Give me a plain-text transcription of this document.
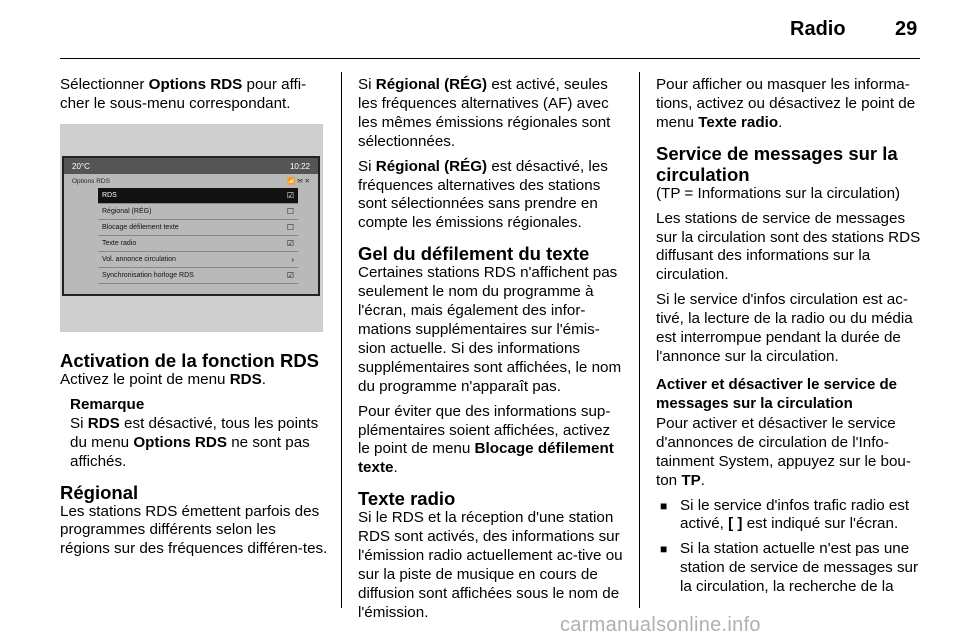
Radio 29

Sélectionner Options RDS pour affi-cher le sous-menu correspondant.

20°C	10:22
Options RDS	📶 ✉ ✕
RDS	☑
Régional (RÉG)	☐
Blocage défilement texte	☐
Texte radio	☑
Vol. annonce circulation	›
Synchronisation horloge RDS	☑
Activation de la fonction RDS

Activez le point de menu RDS.

Remarque

Si RDS est désactivé, tous les points du menu Options RDS ne sont pas affichés.

Régional

Les stations RDS émettent parfois des programmes différents selon les régions sur des fréquences différen-tes.

Si Régional (RÉG) est activé, seules les fréquences alternatives (AF) avec les mêmes émissions régionales sont sélectionnées.

Si Régional (RÉG) est désactivé, les fréquences alternatives des stations sont sélectionnées sans prendre en compte les émissions régionales.

Gel du défilement du texte

Certaines stations RDS n'affichent pas seulement le nom du programme à l'écran, mais également des infor-mations supplémentaires sur l'émis-sion actuelle. Si des informations supplémentaires sont affichées, le nom du programme n'apparaît pas.

Pour éviter que des informations sup-plémentaires soient affichées, activez le point de menu Blocage défilement texte.

Texte radio

Si le RDS et la réception d'une station RDS sont activés, des informations sur l'émission radio actuellement ac-tive ou sur la piste de musique en cours de diffusion sont affichées sous le nom de l'émission.

Pour afficher ou masquer les informa-tions, activez ou désactivez le point de menu Texte radio.

Service de messages sur la circulation

(TP = Informations sur la circulation)

Les stations de service de messages sur la circulation sont des stations RDS diffusant des informations sur la circulation.

Si le service d'infos circulation est ac-tivé, la lecture de la radio ou du média est interrompue pendant la durée de l'annonce sur la circulation.

Activer et désactiver le service de messages sur la circulation

Pour activer et désactiver le service d'annonces de circulation de l'Info-tainment System, appuyez sur le bou-ton TP.

■ Si le service d'infos trafic radio est activé, [ ] est indiqué sur l'écran.
■ Si la station actuelle n'est pas une station de service de messages sur la circulation, la recherche de la
carmanualsonline.info
